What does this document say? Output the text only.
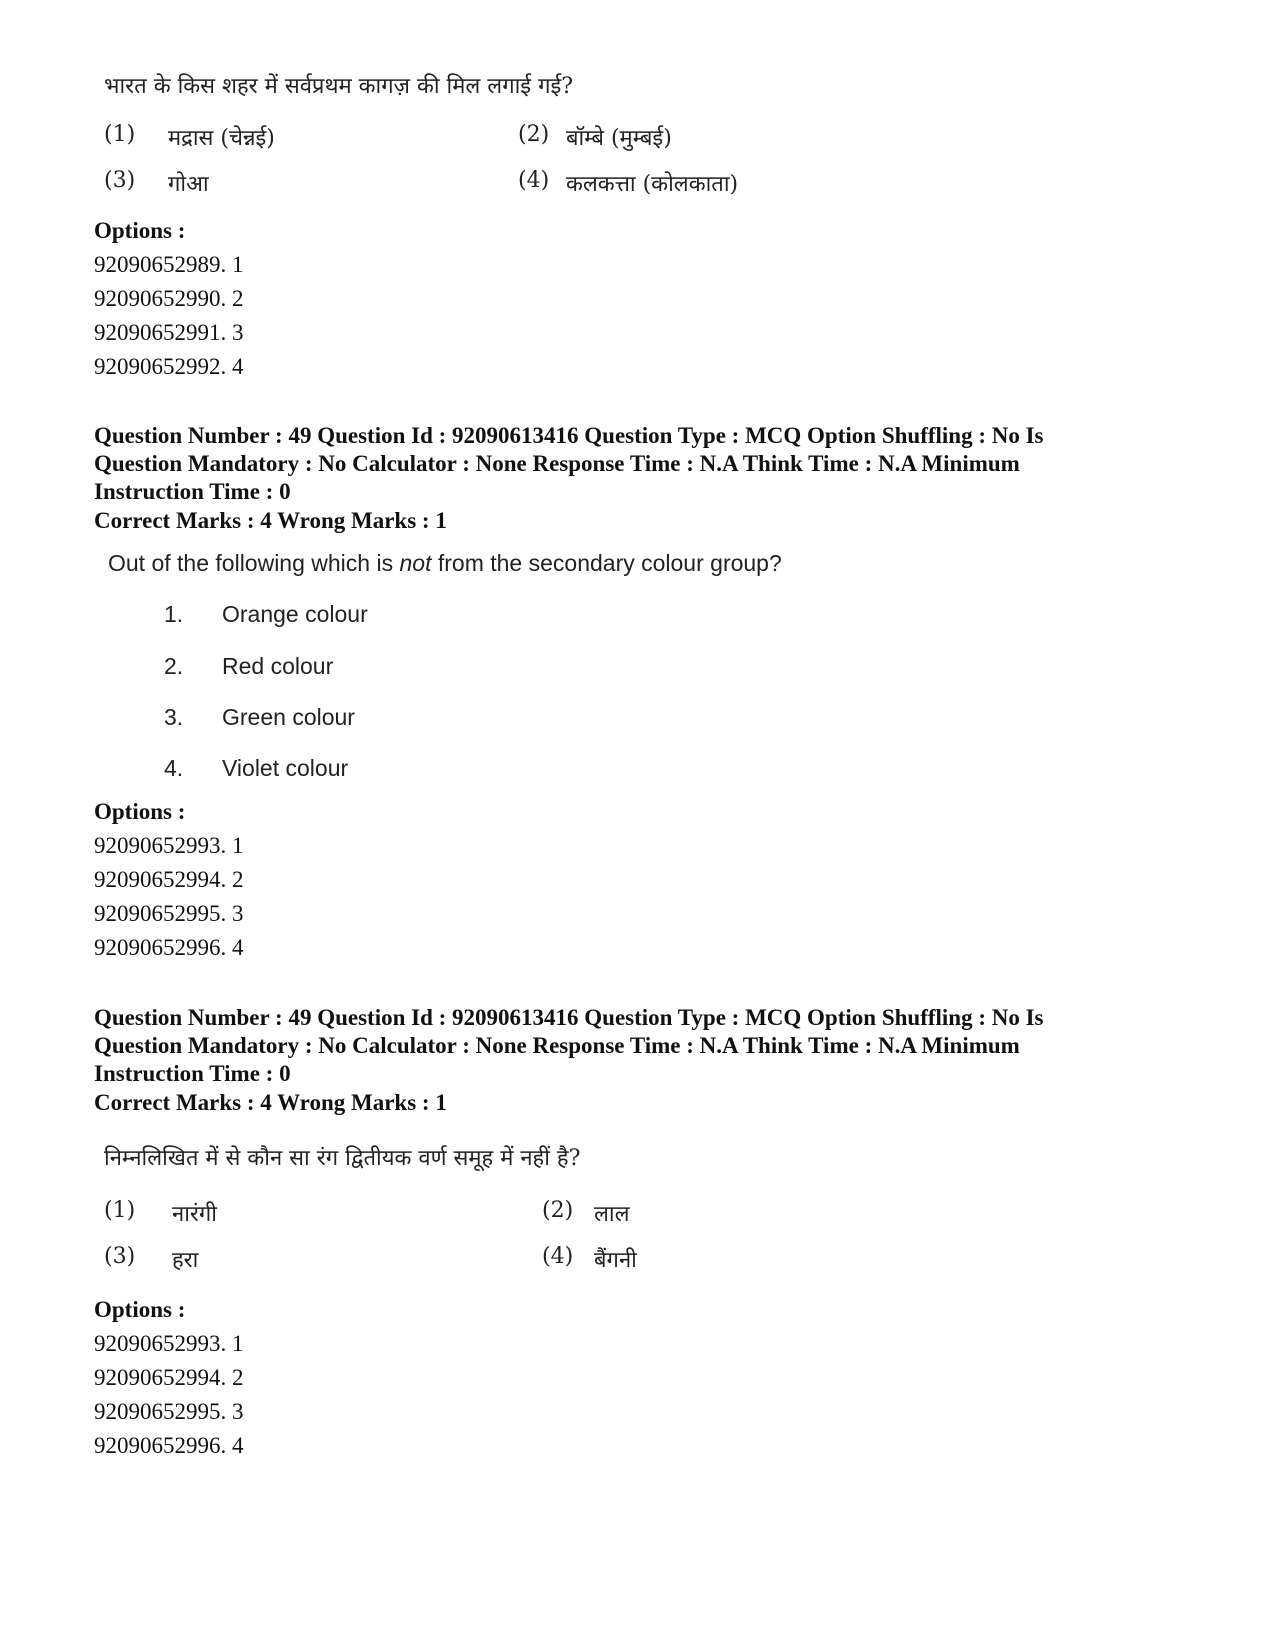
भारत के किस शहर में सर्वप्रथम कागज़ की मिल लगाई गई?
(1) मद्रास (चेन्नई)	(2) बॉम्बे (मुम्बई)
(3) गोआ	(4) कलकत्ता (कोलकाता)
Options :
92090652989. 1
92090652990. 2
92090652991. 3
92090652992. 4
Question Number : 49 Question Id : 92090613416 Question Type : MCQ Option Shuffling : No Is
Question Mandatory : No Calculator : None Response Time : N.A Think Time : N.A Minimum
Instruction Time : 0
Correct Marks : 4 Wrong Marks : 1
Out of the following which is not from the secondary colour group?
1. Orange colour
2. Red colour
3. Green colour
4. Violet colour
Options :
92090652993. 1
92090652994. 2
92090652995. 3
92090652996. 4
Question Number : 49 Question Id : 92090613416 Question Type : MCQ Option Shuffling : No Is
Question Mandatory : No Calculator : None Response Time : N.A Think Time : N.A Minimum
Instruction Time : 0
Correct Marks : 4 Wrong Marks : 1
निम्नलिखित में से कौन सा रंग द्वितीयक वर्ण समूह में नहीं है?
(1) नारंगी	(2) लाल
(3) हरा	(4) बैंगनी
Options :
92090652993. 1
92090652994. 2
92090652995. 3
92090652996. 4
